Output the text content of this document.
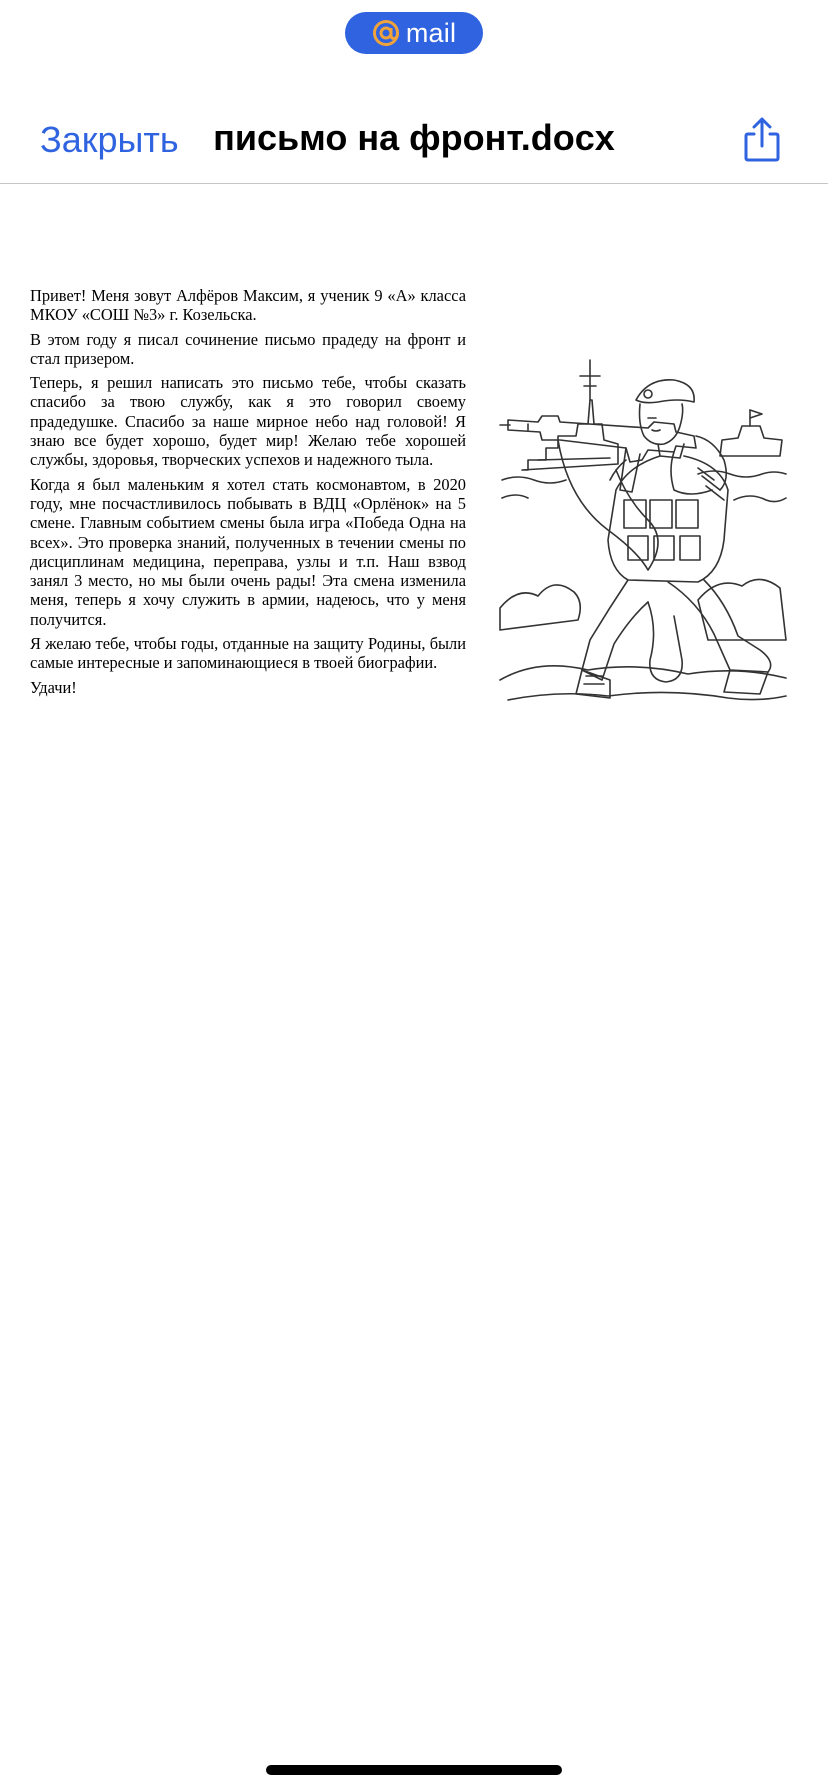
mail
Закрыть письмо на фронт.docx

Привет! Меня зовут Алфёров Максим, я ученик 9 «А» класса МКОУ «СОШ №3» г. Козельска.

В этом году я писал сочинение письмо прадеду на фронт и стал призером.

Теперь, я решил написать это письмо тебе, чтобы сказать спасибо за твою службу, как я это говорил своему прадедушке. Спасибо за наше мирное небо над головой! Я знаю все будет хорошо, будет мир! Желаю тебе хорошей службы, здоровья, творческих успехов и надежного тыла.

Когда я был маленьким я хотел стать космонавтом, в 2020 году, мне посчастливилось побывать в ВДЦ «Орлёнок» на 5 смене. Главным событием смены была игра «Победа Одна на всех». Это проверка знаний, полученных в течении смены по дисциплинам медицина, переправа, узлы и т.п. Наш взвод занял 3 место, но мы были очень рады! Эта смена изменила меня, теперь я хочу служить в армии, надеюсь, что у меня получится.

Я желаю тебе, чтобы годы, отданные на защиту Родины, были самые интересные и запоминающиеся в твоей биографии.

Удачи!
